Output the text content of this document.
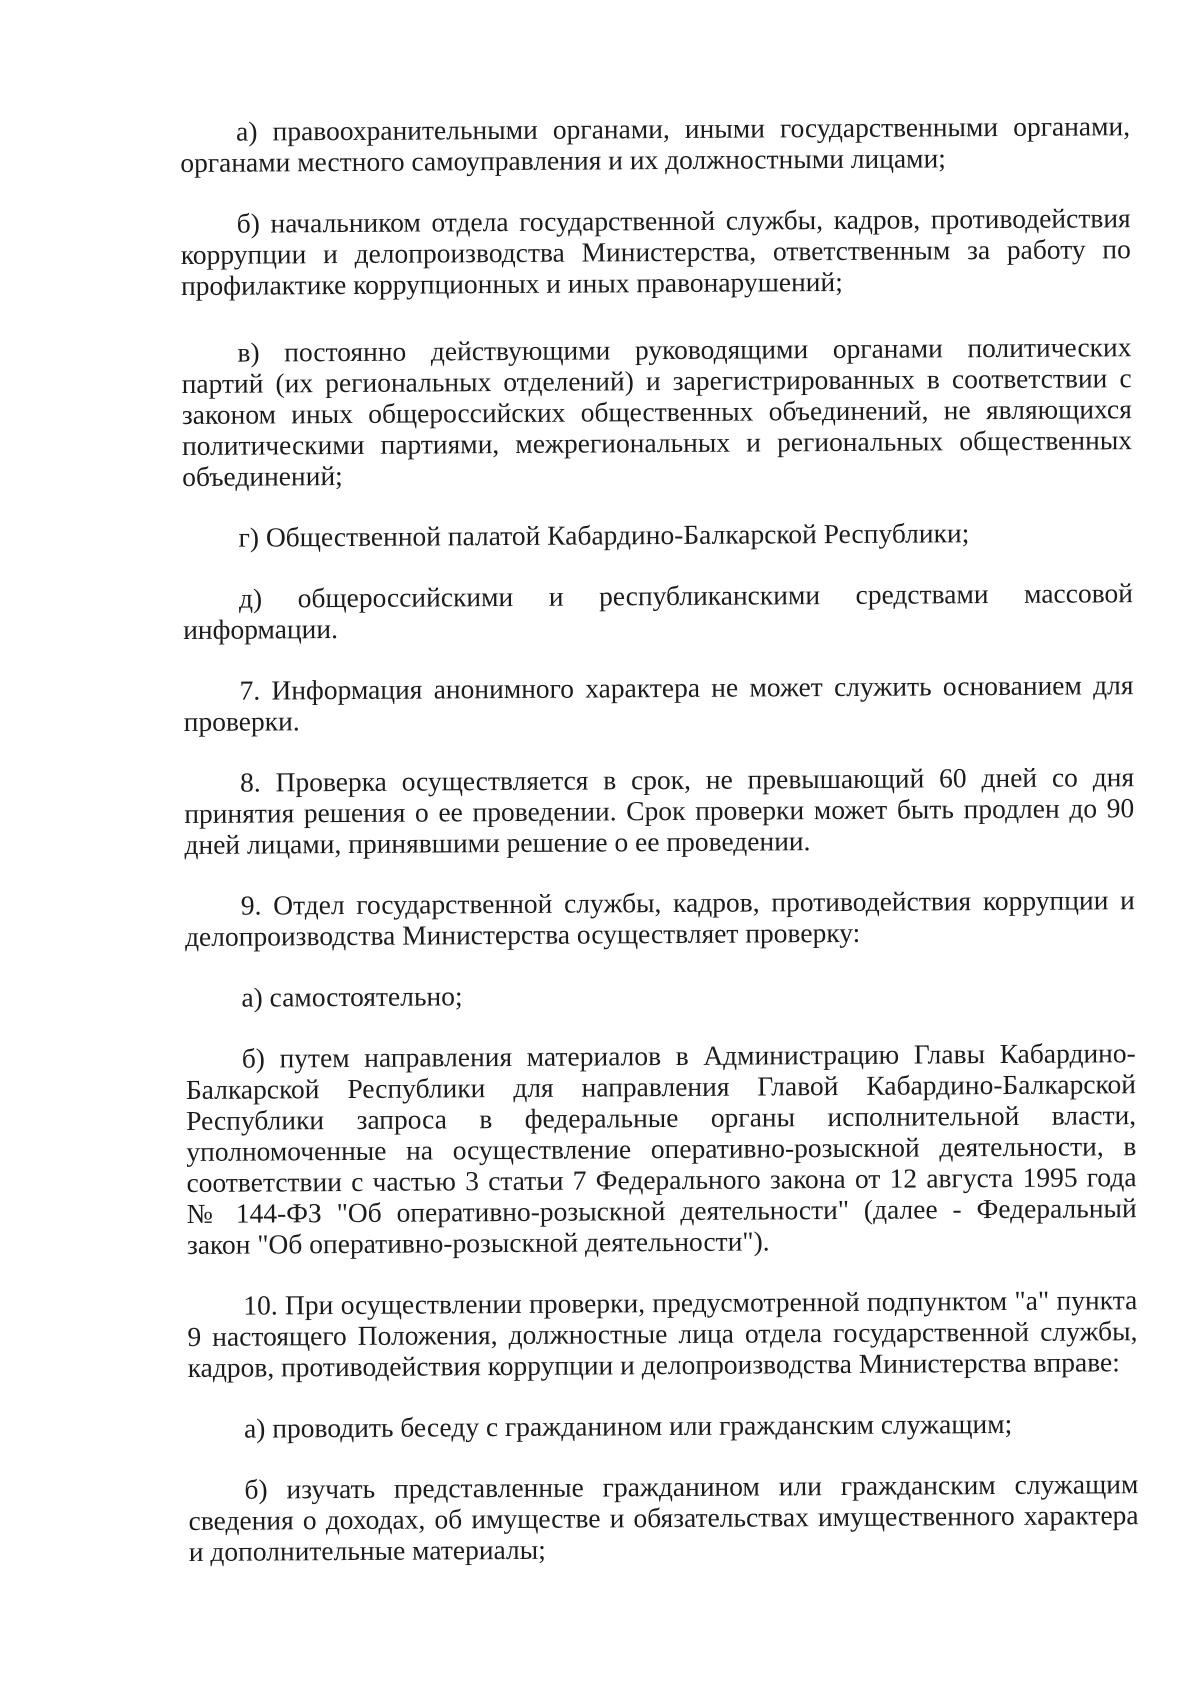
а) правоохранительными органами, иными государственными органами, органами местного самоуправления и их должностными лицами;

б) начальником отдела государственной службы, кадров, противодействия коррупции и делопроизводства Министерства, ответственным за работу по профилактике коррупционных и иных правонарушений;

в) постоянно действующими руководящими органами политических партий (их региональных отделений) и зарегистрированных в соответствии с законом иных общероссийских общественных объединений, не являющихся политическими партиями, межрегиональных и региональных общественных объединений;

г) Общественной палатой Кабардино-Балкарской Республики;

д) общероссийскими и республиканскими средствами массовой информации.

7. Информация анонимного характера не может служить основанием для проверки.

8. Проверка осуществляется в срок, не превышающий 60 дней со дня принятия решения о ее проведении. Срок проверки может быть продлен до 90 дней лицами, принявшими решение о ее проведении.

9. Отдел государственной службы, кадров, противодействия коррупции и делопроизводства Министерства осуществляет проверку:

а) самостоятельно;

б) путем направления материалов в Администрацию Главы Кабардино-Балкарской Республики для направления Главой Кабардино-Балкарской Республики запроса в федеральные органы исполнительной власти, уполномоченные на осуществление оперативно-розыскной деятельности, в соответствии с частью 3 статьи 7 Федерального закона от 12 августа 1995 года № 144-ФЗ "Об оперативно-розыскной деятельности" (далее - Федеральный закон "Об оперативно-розыскной деятельности").

10. При осуществлении проверки, предусмотренной подпунктом "а" пункта 9 настоящего Положения, должностные лица отдела государственной службы, кадров, противодействия коррупции и делопроизводства Министерства вправе:

а) проводить беседу с гражданином или гражданским служащим;

б) изучать представленные гражданином или гражданским служащим сведения о доходах, об имуществе и обязательствах имущественного характера и дополнительные материалы;
